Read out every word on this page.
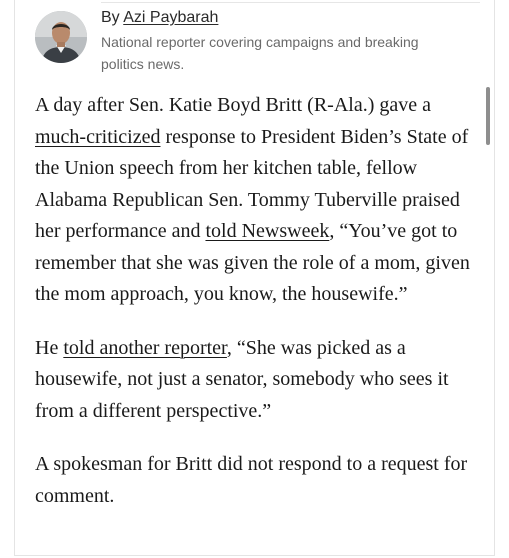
By Azi Paybarah
National reporter covering campaigns and breaking politics news.

A day after Sen. Katie Boyd Britt (R-Ala.) gave a much-criticized response to President Biden’s State of the Union speech from her kitchen table, fellow Alabama Republican Sen. Tommy Tuberville praised her performance and told Newsweek, “You’ve got to remember that she was given the role of a mom, given the mom approach, you know, the housewife.”

He told another reporter, “She was picked as a housewife, not just a senator, somebody who sees it from a different perspective.”

A spokesman for Britt did not respond to a request for comment.
